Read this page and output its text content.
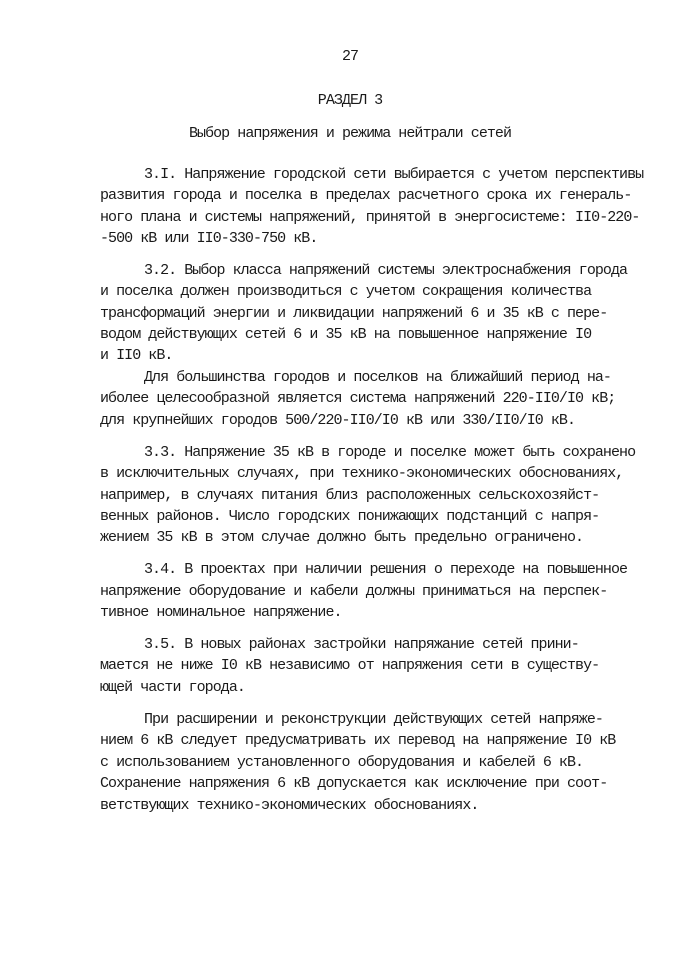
27
РАЗДЕЛ 3
Выбор напряжения и режима нейтрали сетей
3.I. Напряжение городской сети выбирается с учетом перспективы
развития города и поселка в пределах расчетного срока их генераль-
ного плана и системы напряжений, принятой в энергосистеме: II0-220-
-500 кВ или II0-330-750 кВ.
3.2. Выбор класса напряжений системы электроснабжения города
и поселка должен производиться с учетом сокращения количества
трансформаций энергии и ликвидации напряжений 6 и 35 кВ с пере-
водом действующих сетей 6 и 35 кВ на повышенное напряжение I0
и II0 кВ.
Для большинства городов и поселков на ближайший период на-
иболее целесообразной является система напряжений 220-II0/I0 кВ;
для крупнейших городов 500/220-II0/I0 кВ или 330/II0/I0 кВ.
3.3. Напряжение 35 кВ в городе и поселке может быть сохранено
в исключительных случаях, при технико-экономических обоснованиях,
например, в случаях питания близ расположенных сельскохозяйст-
венных районов. Число городских понижающих подстанций с напря-
жением 35 кВ в этом случае должно быть предельно ограничено.
3.4. В проектах при наличии решения о переходе на повышенное
напряжение оборудование и кабели должны приниматься на перспек-
тивное номинальное напряжение.
3.5. В новых районах застройки напряжание сетей прини-
мается не ниже I0 кВ независимо от напряжения сети в существу-
ющей части города.
При расширении и реконструкции действующих сетей напряже-
нием 6 кВ следует предусматривать их перевод на напряжение I0 кВ
с использованием установленного оборудования и кабелей 6 кВ.
Сохранение напряжения 6 кВ допускается как исключение при соот-
ветствующих технико-экономических обоснованиях.
